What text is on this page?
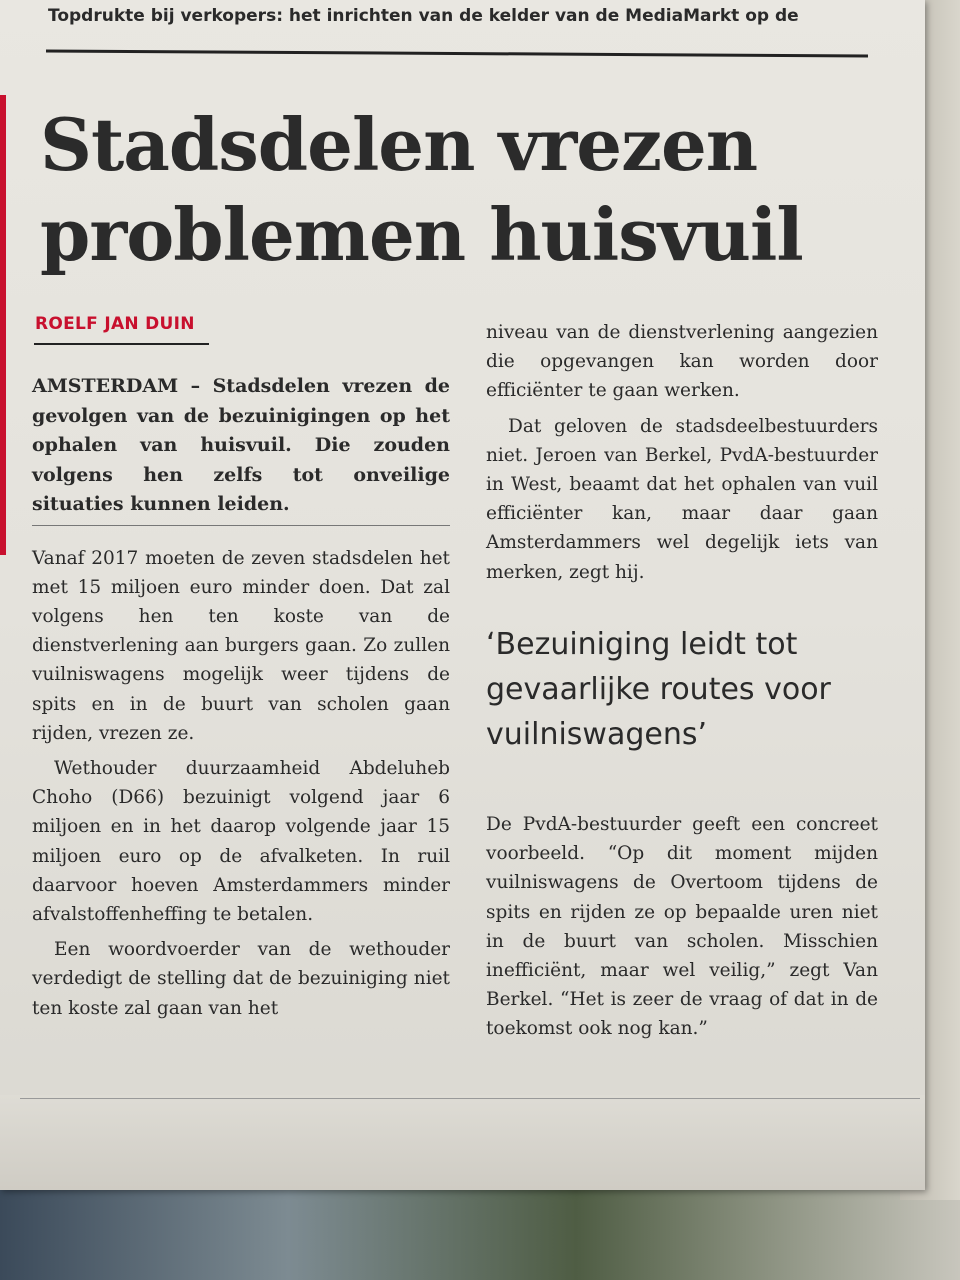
Topdrukte bij verkopers: het inrichten van de kelder van de MediaMarkt op de
Stadsdelen vrezen
problemen huisvuil
ROELF JAN DUIN

AMSTERDAM – Stadsdelen vrezen de gevolgen van de bezuinigingen op het ophalen van huisvuil. Die zouden volgens hen zelfs tot onveilige situaties kunnen leiden.

Vanaf 2017 moeten de zeven stadsdelen het met 15 miljoen euro minder doen. Dat zal volgens hen ten koste van de dienstverlening aan burgers gaan. Zo zullen vuilniswagens mogelijk weer tijdens de spits en in de buurt van scholen gaan rijden, vrezen ze.

Wethouder duurzaamheid Abdeluheb Choho (D66) bezuinigt volgend jaar 6 miljoen en in het daarop volgende jaar 15 miljoen euro op de afvalketen. In ruil daarvoor hoeven Amsterdammers minder afvalstoffenheffing te betalen.

Een woordvoerder van de wethouder verdedigt de stelling dat de bezuiniging niet ten koste zal gaan van het

niveau van de dienstverlening aangezien die opgevangen kan worden door efficiënter te gaan werken.

Dat geloven de stadsdeelbestuurders niet. Jeroen van Berkel, PvdA-bestuurder in West, beaamt dat het ophalen van vuil efficiënter kan, maar daar gaan Amsterdammers wel degelijk iets van merken, zegt hij.

‘Bezuiniging leidt tot gevaarlijke routes voor vuilniswagens’

De PvdA-bestuurder geeft een concreet voorbeeld. “Op dit moment mijden vuilniswagens de Overtoom tijdens de spits en rijden ze op bepaalde uren niet in de buurt van scholen. Misschien inefficiënt, maar wel veilig,” zegt Van Berkel. “Het is zeer de vraag of dat in de toekomst ook nog kan.”
